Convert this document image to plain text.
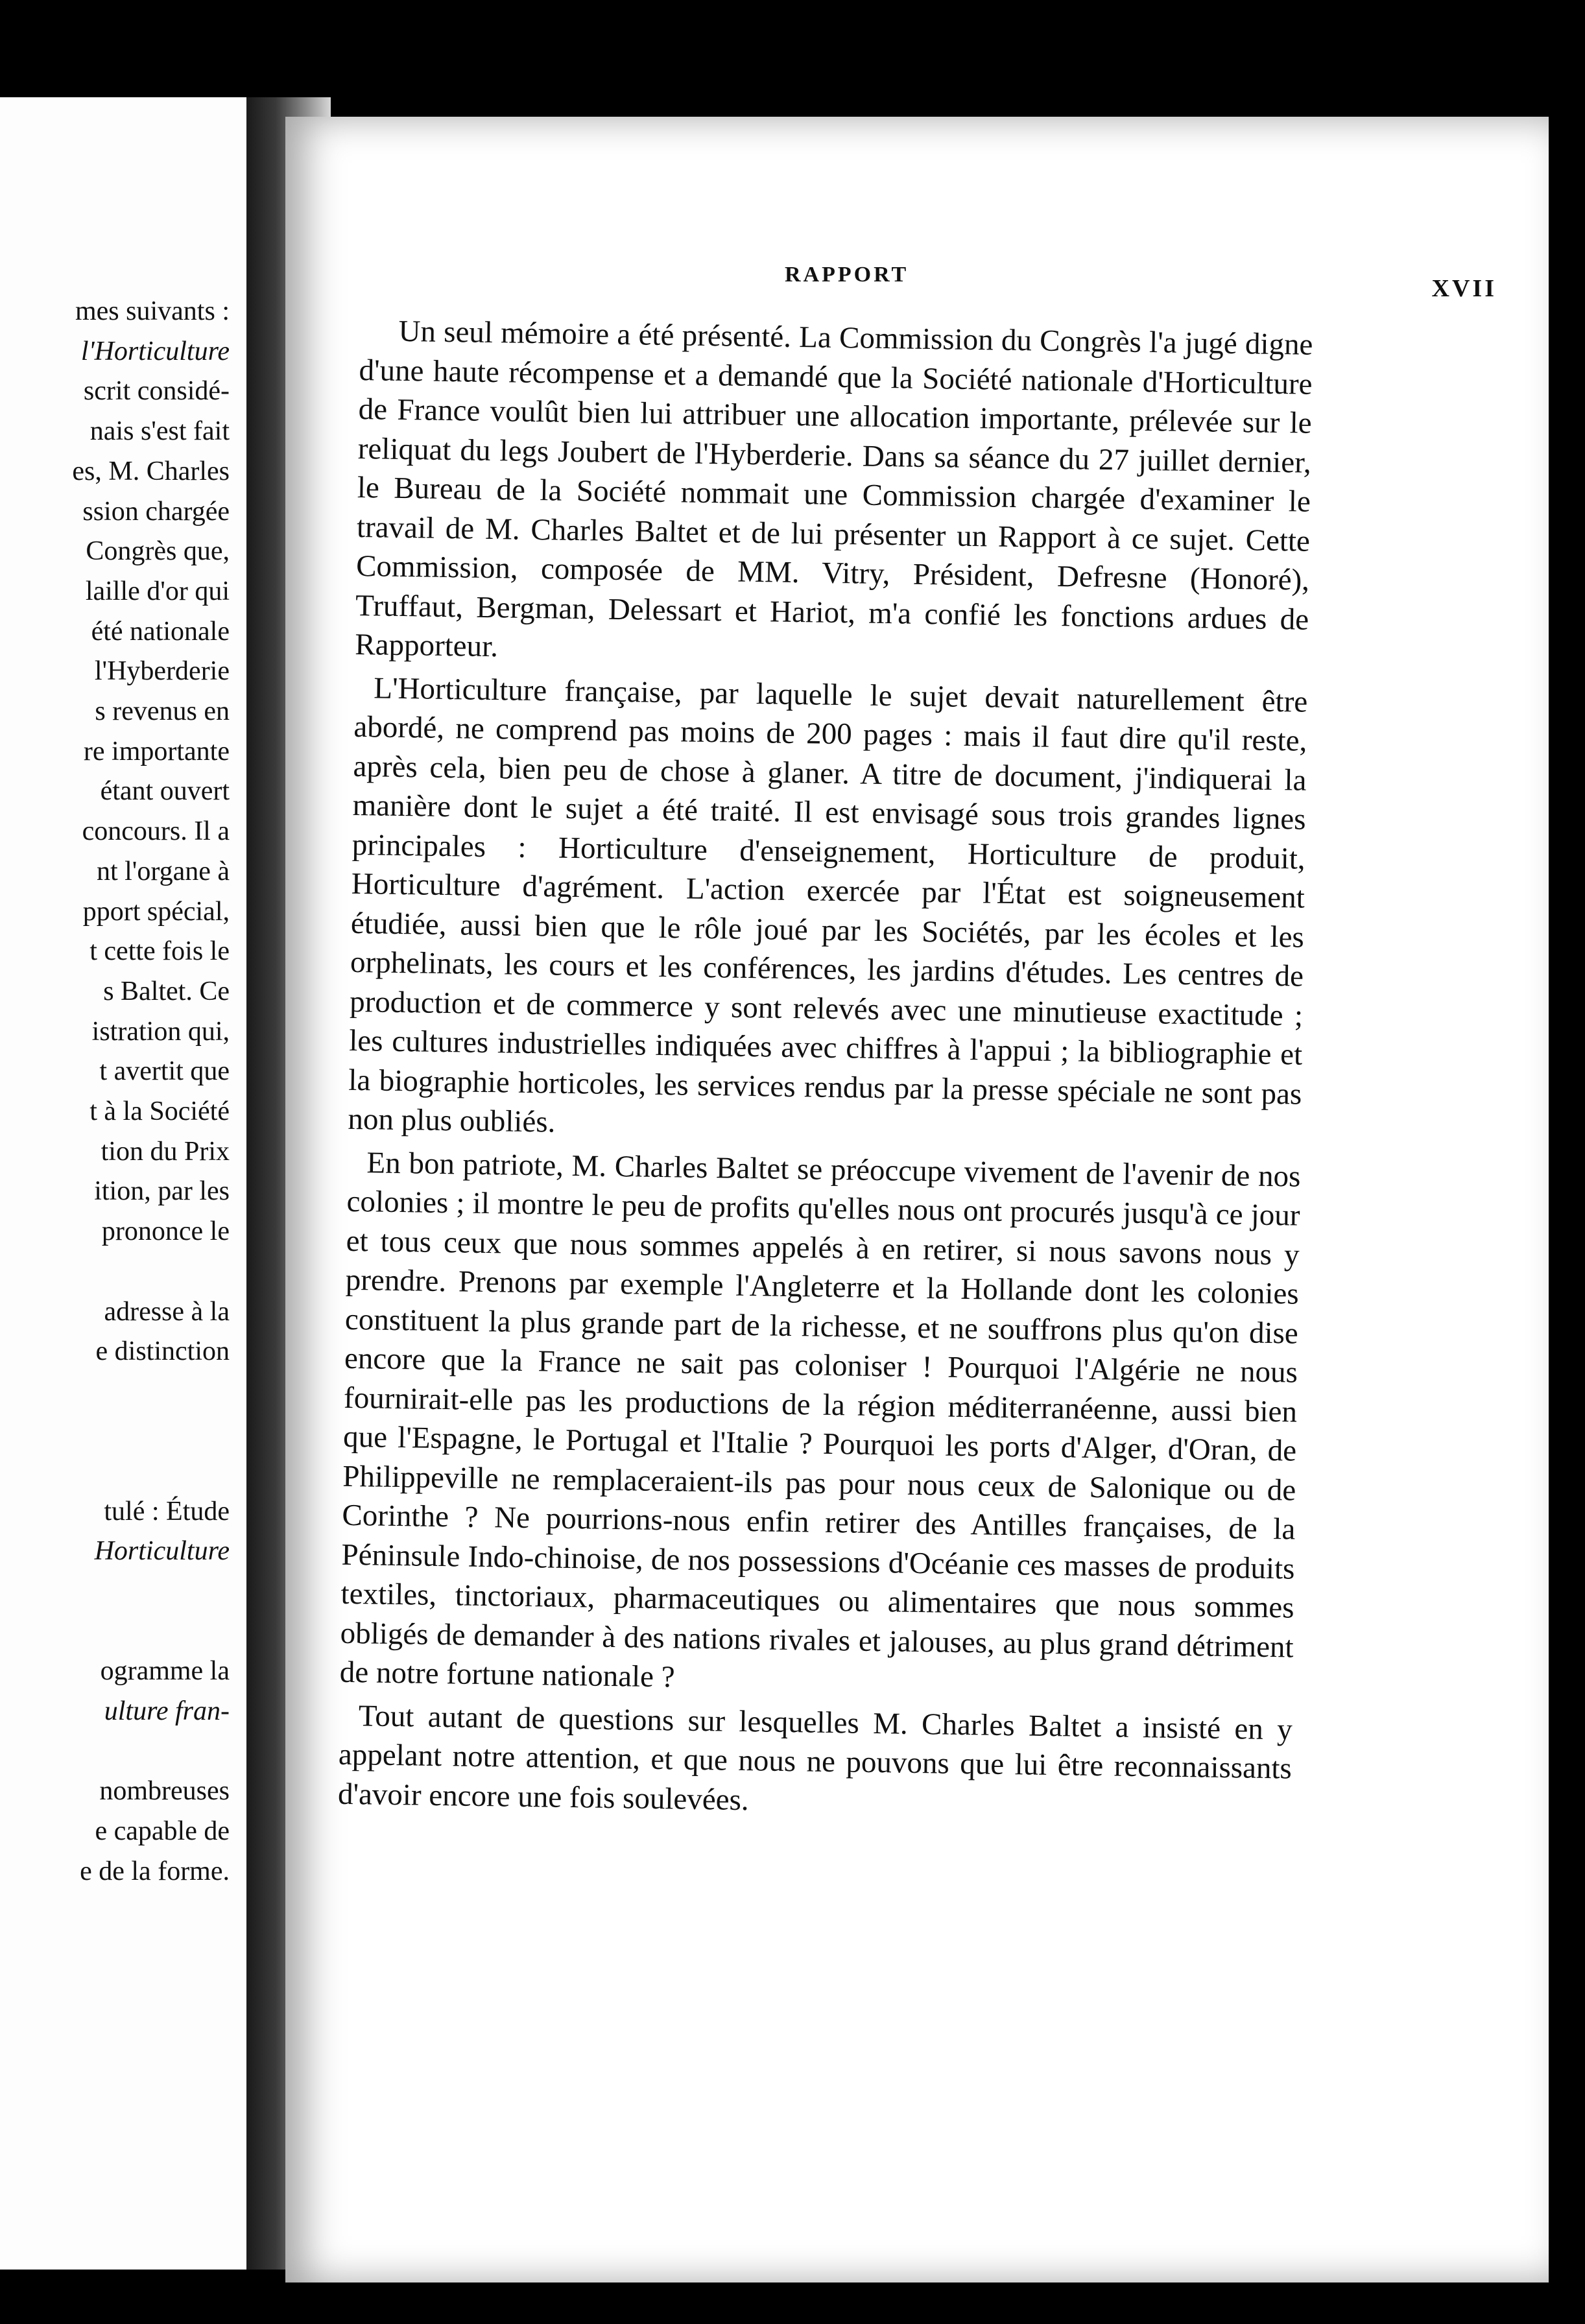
mes suivants :
l'Horticulture
scrit considé-
nais s'est fait
es, M. Charles
ssion chargée
Congrès que,
laille d'or qui
été nationale
l'Hyberderie
s revenus en
re importante
étant ouvert
concours. Il a
nt l'organe à
pport spécial,
t cette fois le
s Baltet. Ce
istration qui,
t avertit que
t à la Société
tion du Prix
ition, par les
prononce le
adresse à la
e distinction
tulé : Étude
Horticulture
ogramme la
ulture fran-
nombreuses
e capable de
e de la forme.
RAPPORT
XVII

Un seul mémoire a été présenté. La Commission du Congrès l'a jugé digne d'une haute récompense et a demandé que la Société nationale d'Horticulture de France voulût bien lui attribuer une allocation importante, prélevée sur le reliquat du legs Joubert de l'Hyberderie. Dans sa séance du 27 juillet dernier, le Bureau de la Société nommait une Commission chargée d'examiner le travail de M. Charles Baltet et de lui présenter un Rapport à ce sujet. Cette Commission, composée de MM. Vitry, Président, Defresne (Honoré), Truffaut, Bergman, Delessart et Hariot, m'a confié les fonctions ardues de Rapporteur.

L'Horticulture française, par laquelle le sujet devait naturellement être abordé, ne comprend pas moins de 200 pages : mais il faut dire qu'il reste, après cela, bien peu de chose à glaner. A titre de document, j'indiquerai la manière dont le sujet a été traité. Il est envisagé sous trois grandes lignes principales : Horticulture d'enseignement, Horticulture de produit, Horticulture d'agrément. L'action exercée par l'État est soigneusement étudiée, aussi bien que le rôle joué par les Sociétés, par les écoles et les orphelinats, les cours et les conférences, les jardins d'études. Les centres de production et de commerce y sont relevés avec une minutieuse exactitude ; les cultures industrielles indiquées avec chiffres à l'appui ; la bibliographie et la biographie horticoles, les services rendus par la presse spéciale ne sont pas non plus oubliés.

En bon patriote, M. Charles Baltet se préoccupe vivement de l'avenir de nos colonies ; il montre le peu de profits qu'elles nous ont procurés jusqu'à ce jour et tous ceux que nous sommes appelés à en retirer, si nous savons nous y prendre. Prenons par exemple l'Angleterre et la Hollande dont les colonies constituent la plus grande part de la richesse, et ne souffrons plus qu'on dise encore que la France ne sait pas coloniser ! Pourquoi l'Algérie ne nous fournirait-elle pas les productions de la région méditerranéenne, aussi bien que l'Espagne, le Portugal et l'Italie ? Pourquoi les ports d'Alger, d'Oran, de Philippeville ne remplaceraient-ils pas pour nous ceux de Salonique ou de Corinthe ? Ne pourrions-nous enfin retirer des Antilles françaises, de la Péninsule Indo-chinoise, de nos possessions d'Océanie ces masses de produits textiles, tinctoriaux, pharmaceutiques ou alimentaires que nous sommes obligés de demander à des nations rivales et jalouses, au plus grand détriment de notre fortune nationale ?

Tout autant de questions sur lesquelles M. Charles Baltet a insisté en y appelant notre attention, et que nous ne pouvons que lui être reconnaissants d'avoir encore une fois soulevées.
